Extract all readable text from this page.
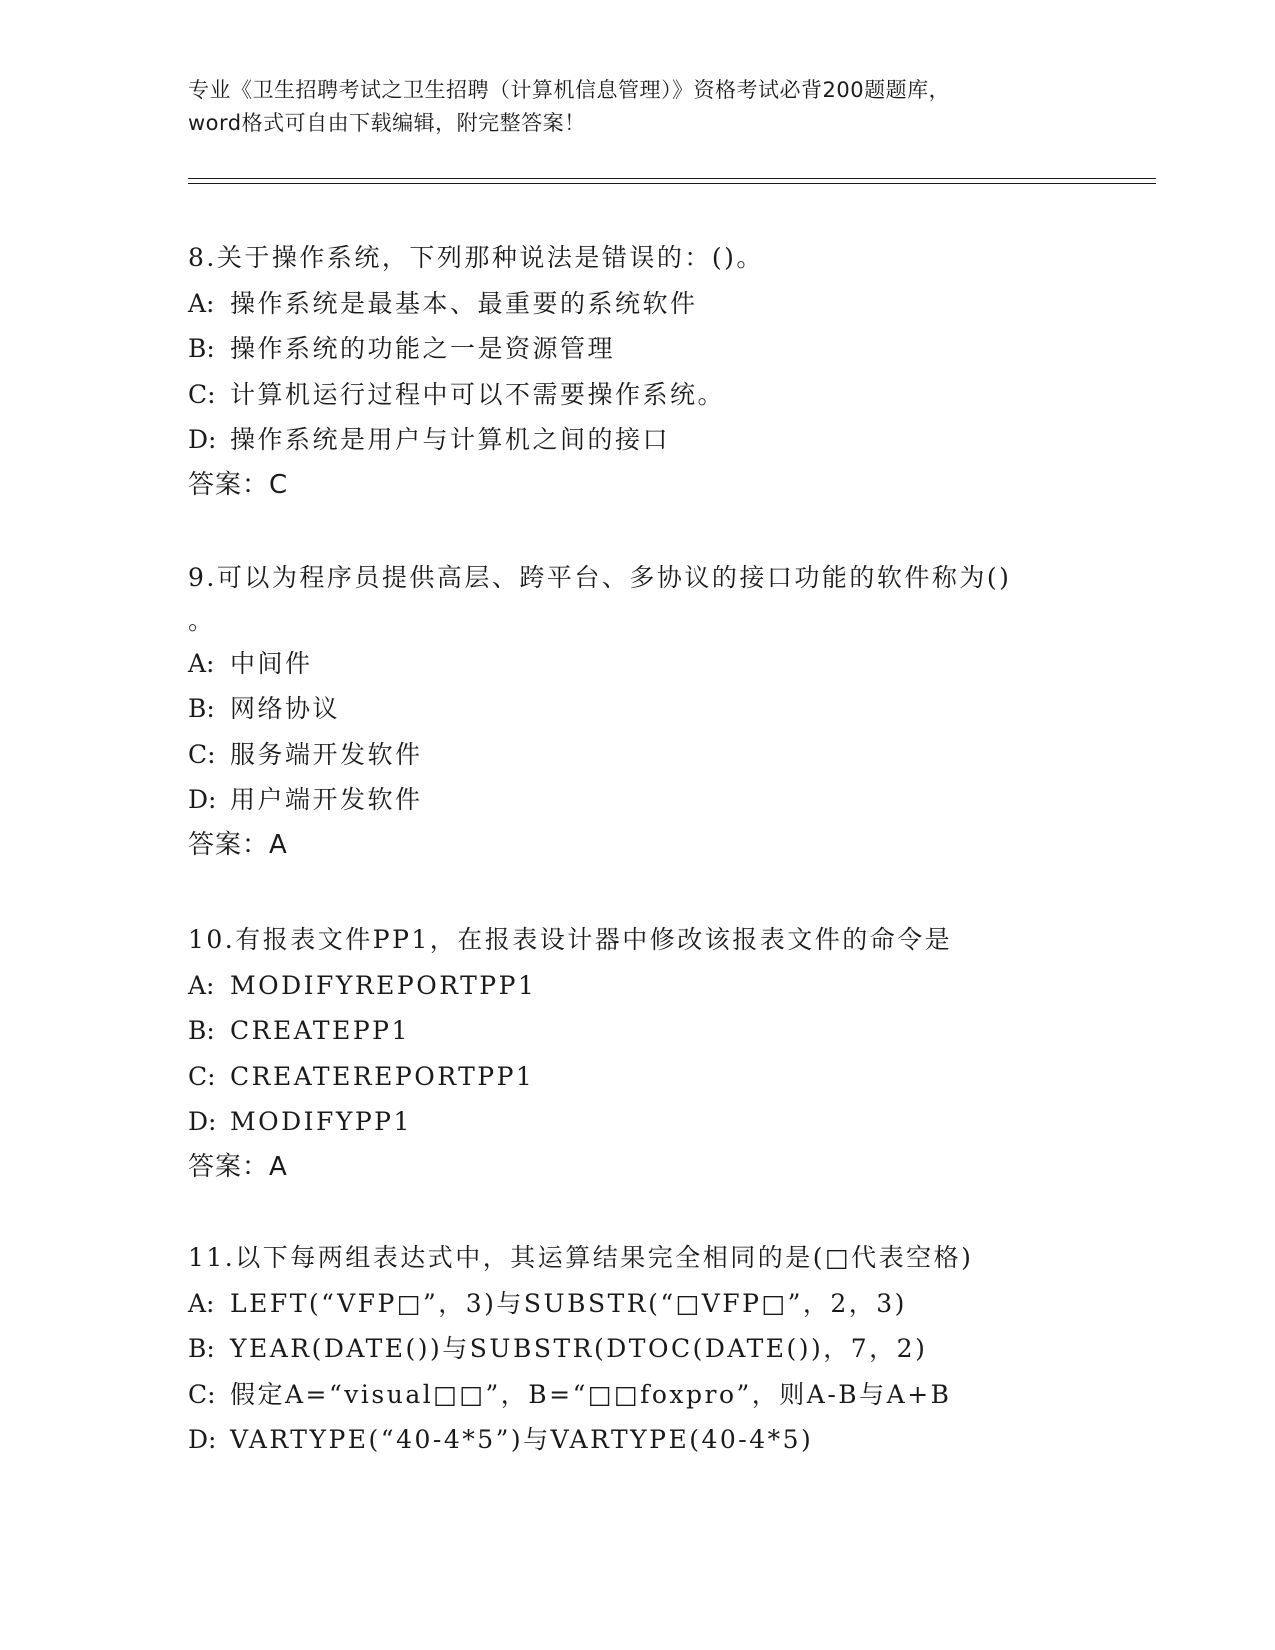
专业《卫生招聘考试之卫生招聘（计算机信息管理）》资格考试必背200题题库，
word格式可自由下载编辑，附完整答案！
8.关于操作系统，下列那种说法是错误的：()。
A: 操作系统是最基本、最重要的系统软件
B: 操作系统的功能之一是资源管理
C: 计算机运行过程中可以不需要操作系统。
D: 操作系统是用户与计算机之间的接口
答案：C
9.可以为程序员提供高层、跨平台、多协议的接口功能的软件称为()
。
A: 中间件
B: 网络协议
C: 服务端开发软件
D: 用户端开发软件
答案：A
10.有报表文件PP1，在报表设计器中修改该报表文件的命令是
A: MODIFYREPORTPP1
B: CREATEPP1
C: CREATEREPORTPP1
D: MODIFYPP1
答案：A
11.以下每两组表达式中，其运算结果完全相同的是(□代表空格)
A: LEFT(“VFP□”，3)与SUBSTR(“□VFP□”，2，3)
B: YEAR(DATE())与SUBSTR(DTOC(DATE())，7，2)
C: 假定A=“visual□□”，B=“□□foxpro”，则A-B与A+B
D: VARTYPE(“40-4*5”)与VARTYPE(40-4*5)
